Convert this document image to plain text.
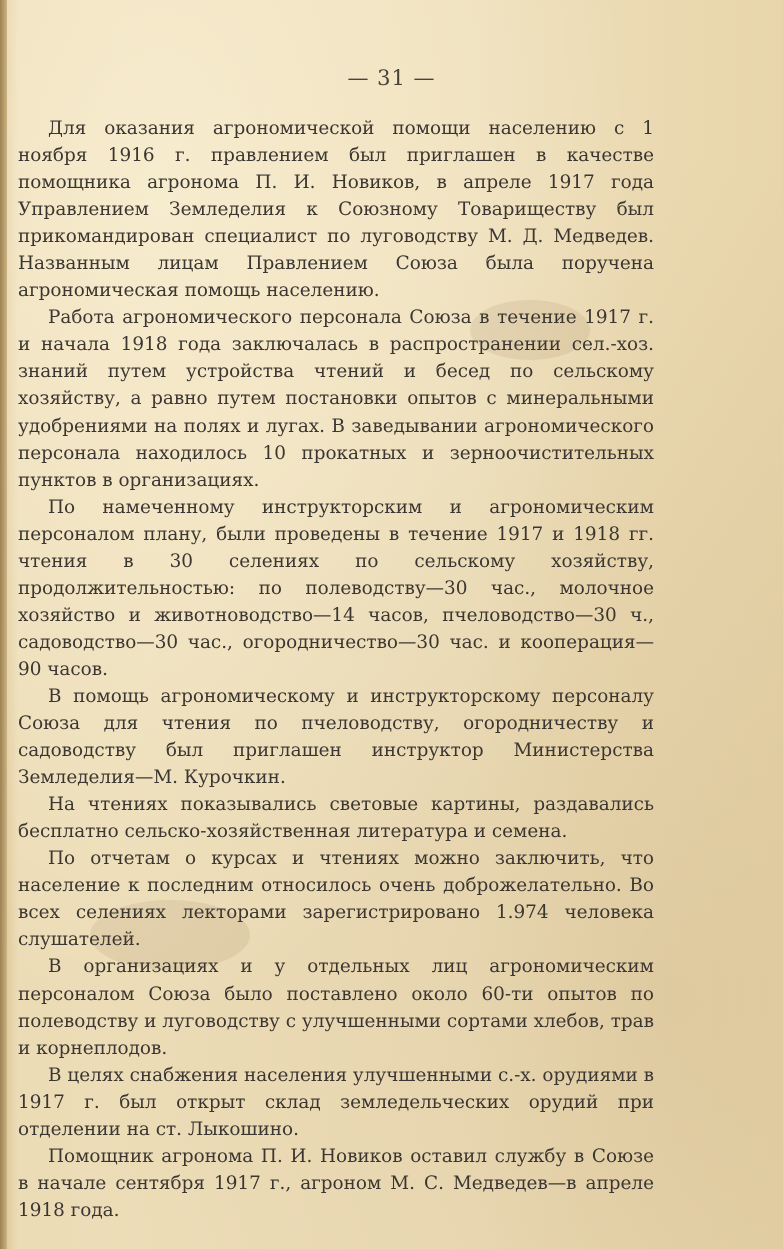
— 31 —

Для оказания агрономической помощи населению с 1 ноября 1916 г. правлением был приглашен в качестве помощника агронома П. И. Новиков, в апреле 1917 года Управлением Земледелия к Союзному Товариществу был прикомандирован специалист по луговодству М. Д. Медведев. Названным лицам Правлением Союза была поручена агрономическая помощь населению.

Работа агрономического персонала Союза в течение 1917 г. и начала 1918 года заключалась в распространении сел.-хоз. знаний путем устройства чтений и бесед по сельскому хозяйству, а равно путем постановки опытов с минеральными удобрениями на полях и лугах. В заведывании агрономического персонала находилось 10 прокатных и зерноочистительных пунктов в организациях.

По намеченному инструкторским и агрономическим персоналом плану, были проведены в течение 1917 и 1918 гг. чтения в 30 селениях по сельскому хозяйству, продолжительностью: по полеводству—30 час., молочное хозяйство и животноводство—14 часов, пчеловодство—30 ч., садоводство—30 час., огородничество—30 час. и кооперация—90 часов.

В помощь агрономическому и инструкторскому персоналу Союза для чтения по пчеловодству, огородничеству и садоводству был приглашен инструктор Министерства Земледелия—М. Курочкин.

На чтениях показывались световые картины, раздавались бесплатно сельско-хозяйственная литература и семена.

По отчетам о курсах и чтениях можно заключить, что население к последним относилось очень доброжелательно. Во всех селениях лекторами зарегистрировано 1.974 человека слушателей.

В организациях и у отдельных лиц агрономическим персоналом Союза было поставлено около 60-ти опытов по полеводству и луговодству с улучшенными сортами хлебов, трав и корнеплодов.

В целях снабжения населения улучшенными с.-х. орудиями в 1917 г. был открыт склад земледельческих орудий при отделении на ст. Лыкошино.

Помощник агронома П. И. Новиков оставил службу в Союзе в начале сентября 1917 г., агроном М. С. Медведев—в апреле 1918 года.
